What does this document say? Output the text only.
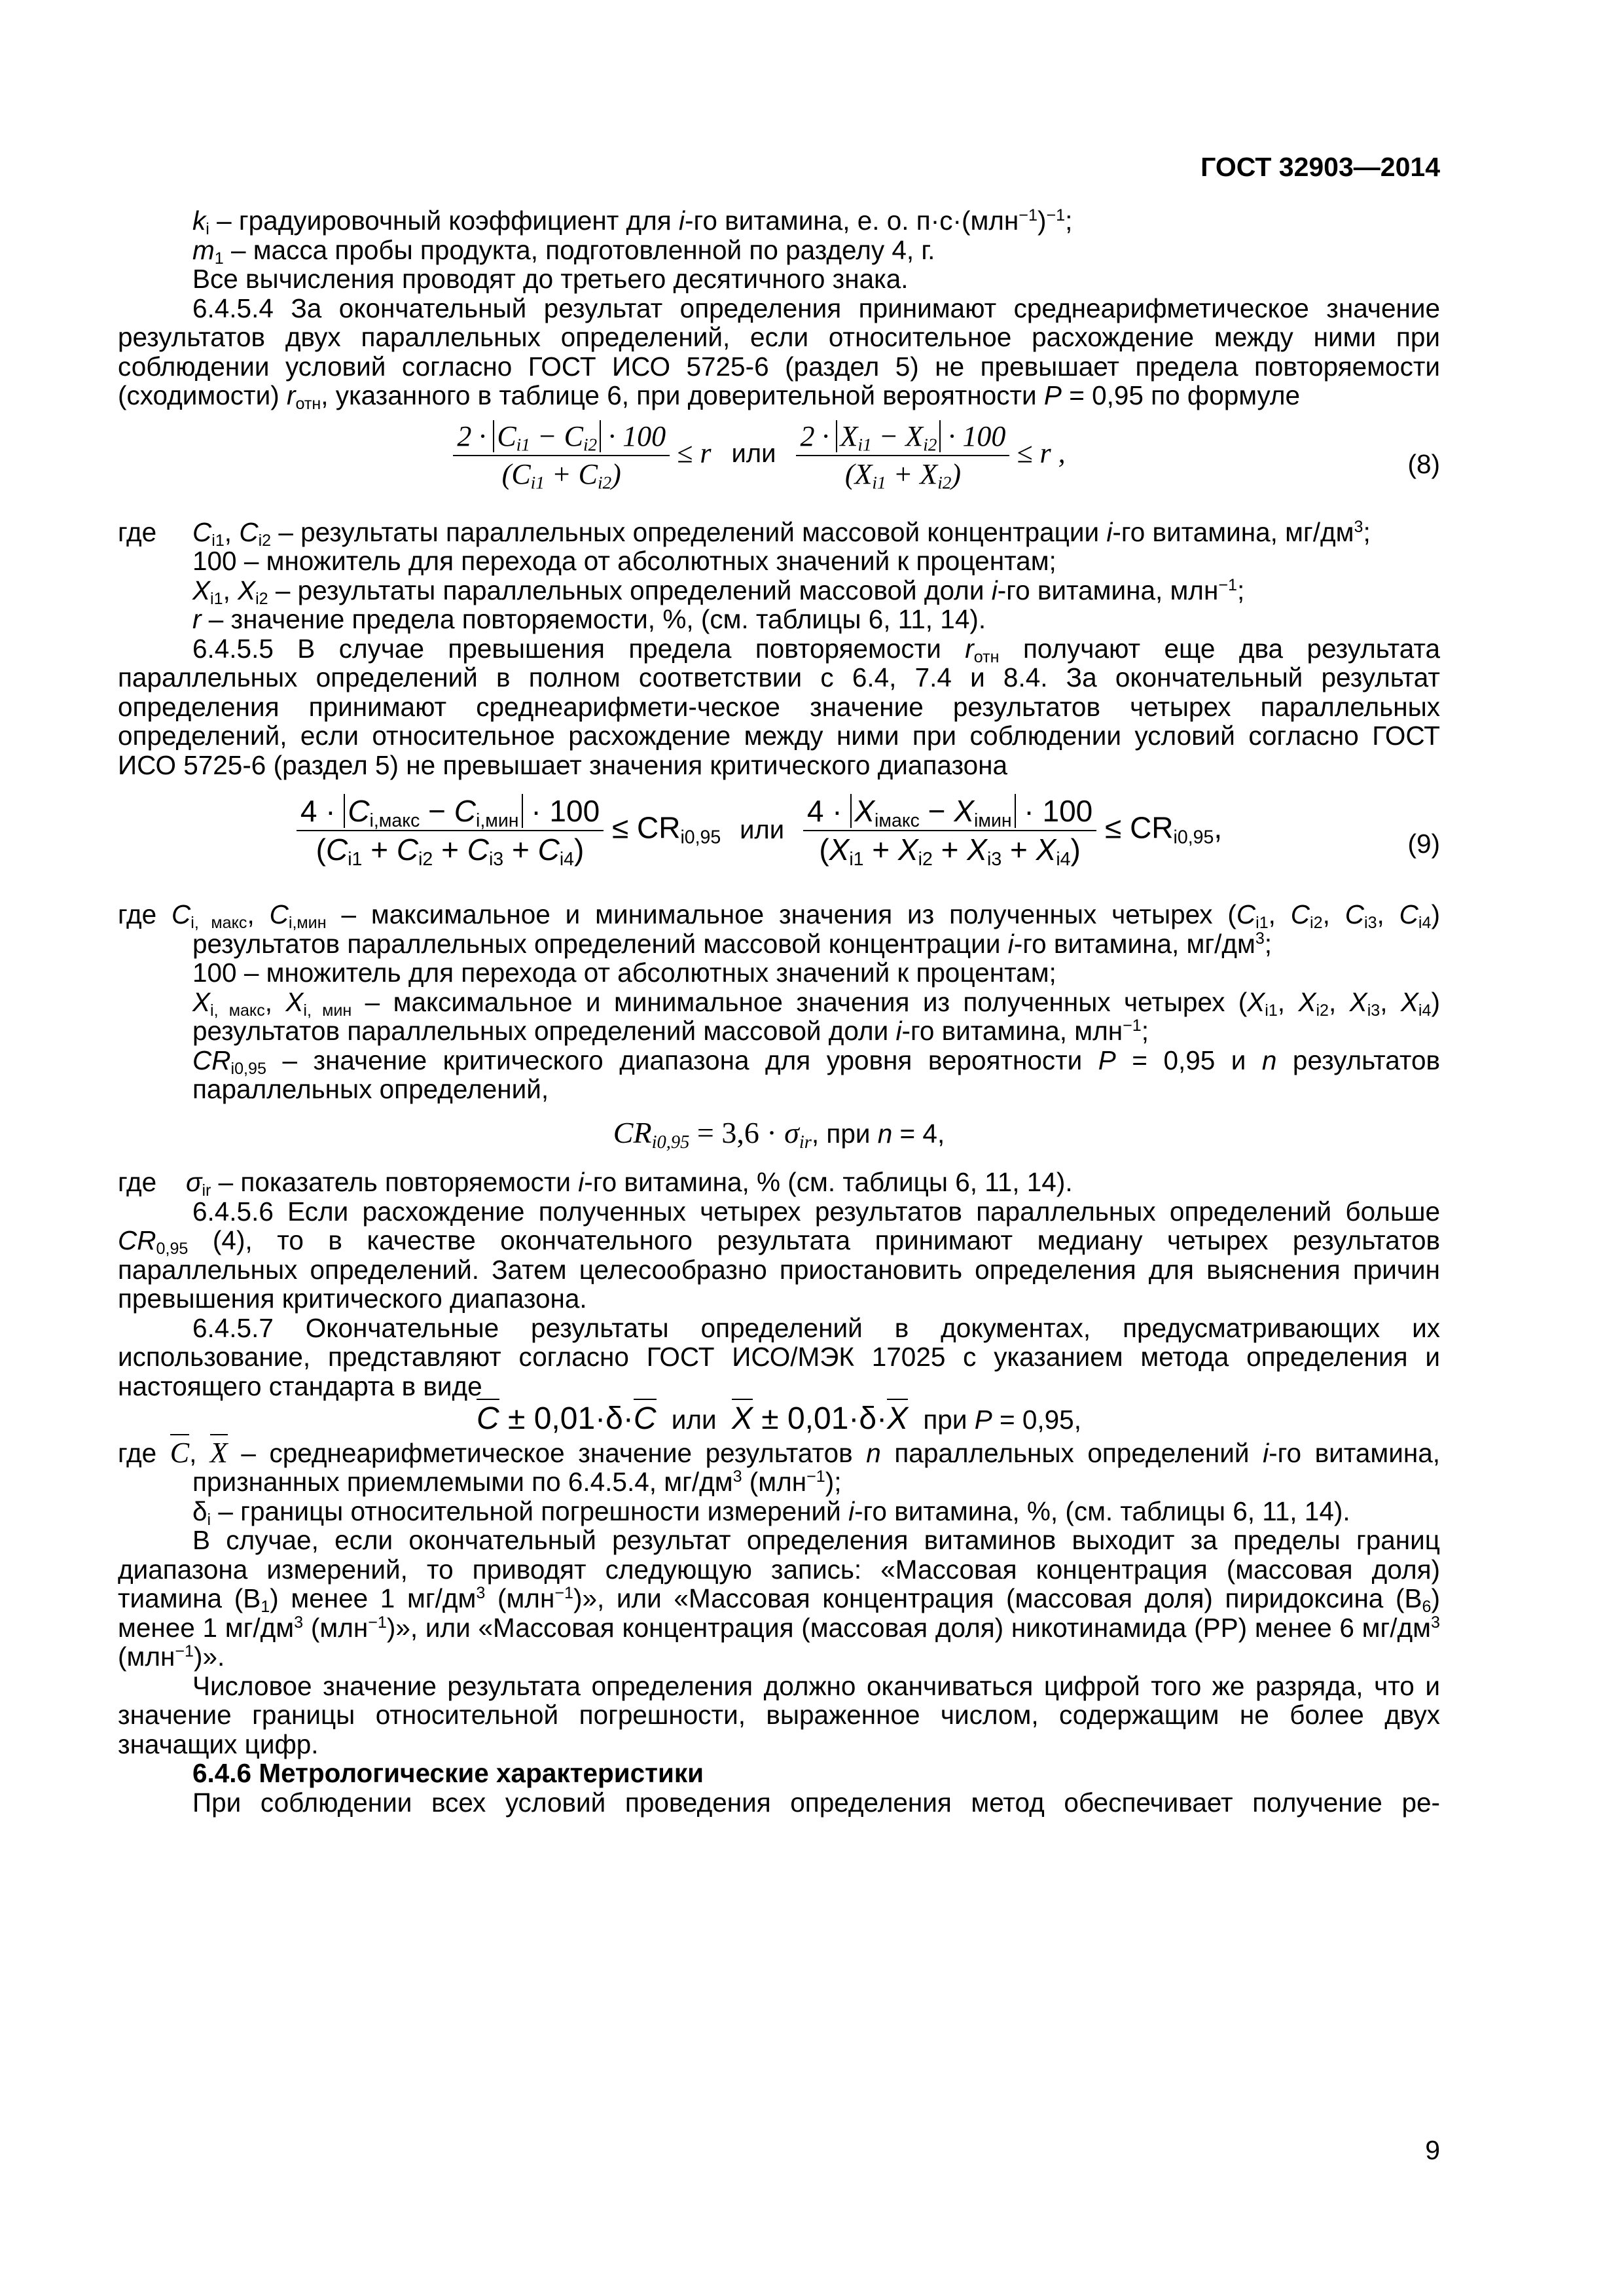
ГОСТ 32903—2014

ki – градуировочный коэффициент для i-го витамина, е. о. $п\cdot с\cdot(млн^{-1})^{-1}$;

m1 – масса пробы продукта, подготовленной по разделу 4, г.

Все вычисления проводят до третьего десятичного знака.

6.4.5.4 За окончательный результат определения принимают среднеарифметическое значение результатов двух параллельных определений, если относительное расхождение между ними при соблюдении условий согласно ГОСТ ИСО 5725-6 (раздел 5) не превышает предела повторяемости (сходимости) rотн, указанного в таблице 6, при доверительной вероятности P = 0,95 по формуле

$\frac{2 \cdot Ci1 - Ci2 \cdot 100}{(Ci1 + Ci2)} \le r$ или $\frac{2 \cdot Xi1 - Xi2 \cdot 100}{(Xi1 + Xi2)} \le r$ ,	(8)

где Ci1, Ci2 – результаты параллельных определений массовой концентрации i-го витамина, $мг/дм^3$;

100 – множитель для перехода от абсолютных значений к процентам;

Xi1, Xi2 – результаты параллельных определений массовой доли i-го витамина, млн$^{-1}$;

r – значение предела повторяемости, %, (см. таблицы 6, 11, 14).

6.4.5.5 В случае превышения предела повторяемости rотн получают еще два результата параллельных определений в полном соответствии с 6.4, 7.4 и 8.4. За окончательный результат определения принимают среднеарифмети-ческое значение результатов четырех параллельных определений, если относительное расхождение между ними при соблюдении условий согласно ГОСТ ИСО 5725-6 (раздел 5) не превышает значения критического диапазона

$\frac{\text{4 · Ci,макс − Ci,мин · 100}}{(Ci1 + Ci2 + Ci3 + Ci4)} \le CRi0,95$ или $\frac{\text{4 · Xiмакс − Xiмин · 100}}{(Xi1 + Xi2 + Xi3 + Xi4)} \le CRi0,95$,	(9)

где Ci, макс, Ci,мин – максимальное и минимальное значения из полученных четырех (Ci1, Ci2, Ci3, Ci4) результатов параллельных определений массовой концентрации i-го витамина, $мг/дм^3$;

100 – множитель для перехода от абсолютных значений к процентам;

Xi, макс, Xi, мин – максимальное и минимальное значения из полученных четырех (Xi1, Xi2, Xi3, Xi4) результатов параллельных определений массовой доли i-го витамина, млн$^{-1}$;

CRi0,95 – значение критического диапазона для уровня вероятности P = 0,95 и n результатов параллельных определений,

CRi0,95 = 3,6 · σir, при n = 4,

где σir – показатель повторяемости i-го витамина, % (см. таблицы 6, 11, 14).

6.4.5.6 Если расхождение полученных четырех результатов параллельных определений больше CR0,95 (4), то в качестве окончательного результата принимают медиану четырех результатов параллельных определений. Затем целесообразно приостановить определения для выяснения причин превышения критического диапазона.

6.4.5.7 Окончательные результаты определений в документах, предусматривающих их использование, представляют согласно ГОСТ ИСО/МЭК 17025 с указанием метода определения и настоящего стандарта в виде

C ± 0,01·δ·C или X ± 0,01·δ·X при P = 0,95,

где C, X – среднеарифметическое значение результатов n параллельных определений i-го витамина, признанных приемлемыми по 6.4.5.4, $мг/дм^3$ (млн$^{-1}$);

δi – границы относительной погрешности измерений i-го витамина, %, (см. таблицы 6, 11, 14).

В случае, если окончательный результат определения витаминов выходит за пределы границ диапазона измерений, то приводят следующую запись: «Массовая концентрация (массовая доля) тиамина (В1) менее 1 $мг/дм^3$ (млн$^{-1}$)», или «Массовая концентрация (массовая доля) пиридоксина (В6) менее 1 $мг/дм^3$ (млн$^{-1}$)», или «Массовая концентрация (массовая доля) никотинамида (РР) менее 6 $мг/дм^3$ (млн$^{-1}$)».

Числовое значение результата определения должно оканчиваться цифрой того же разряда, что и значение границы относительной погрешности, выраженное числом, содержащим не более двух значащих цифр.

6.4.6 Метрологические характеристики

При соблюдении всех условий проведения определения метод обеспечивает получение ре-

9
